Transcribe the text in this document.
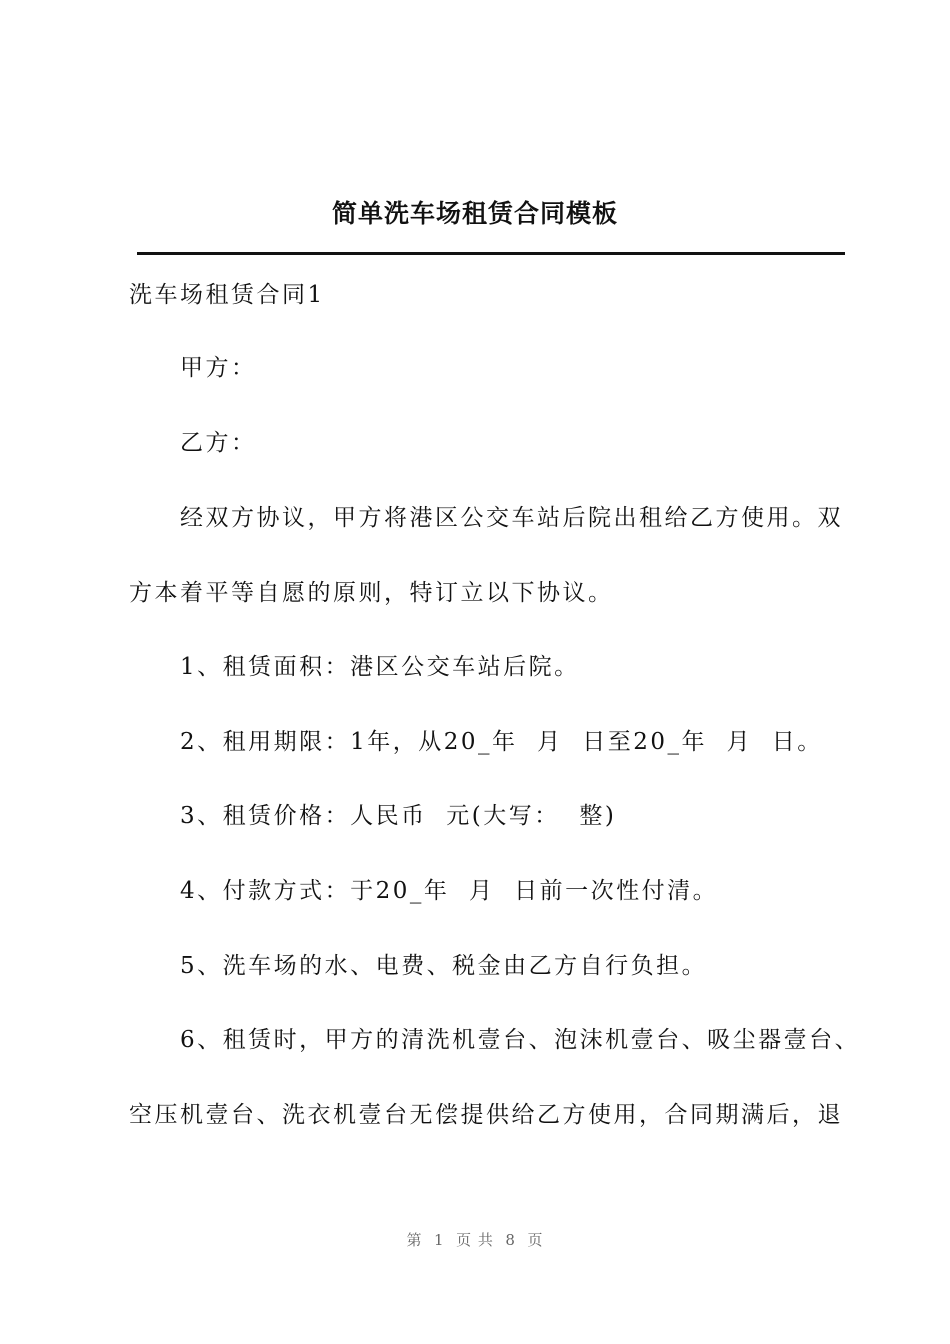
简单洗车场租赁合同模板
洗车场租赁合同1
甲方：
乙方：
经双方协议，甲方将港区公交车站后院出租给乙方使用。双
方本着平等自愿的原则，特订立以下协议。
1、租赁面积：港区公交车站后院。
2、租用期限：1年，从20_年  月  日至20_年  月  日。
3、租赁价格：人民币  元(大写：  整)
4、付款方式：于20_年  月  日前一次性付清。
5、洗车场的水、电费、税金由乙方自行负担。
6、租赁时，甲方的清洗机壹台、泡沫机壹台、吸尘器壹台、
空压机壹台、洗衣机壹台无偿提供给乙方使用，合同期满后，退
第  1  页 共  8  页
